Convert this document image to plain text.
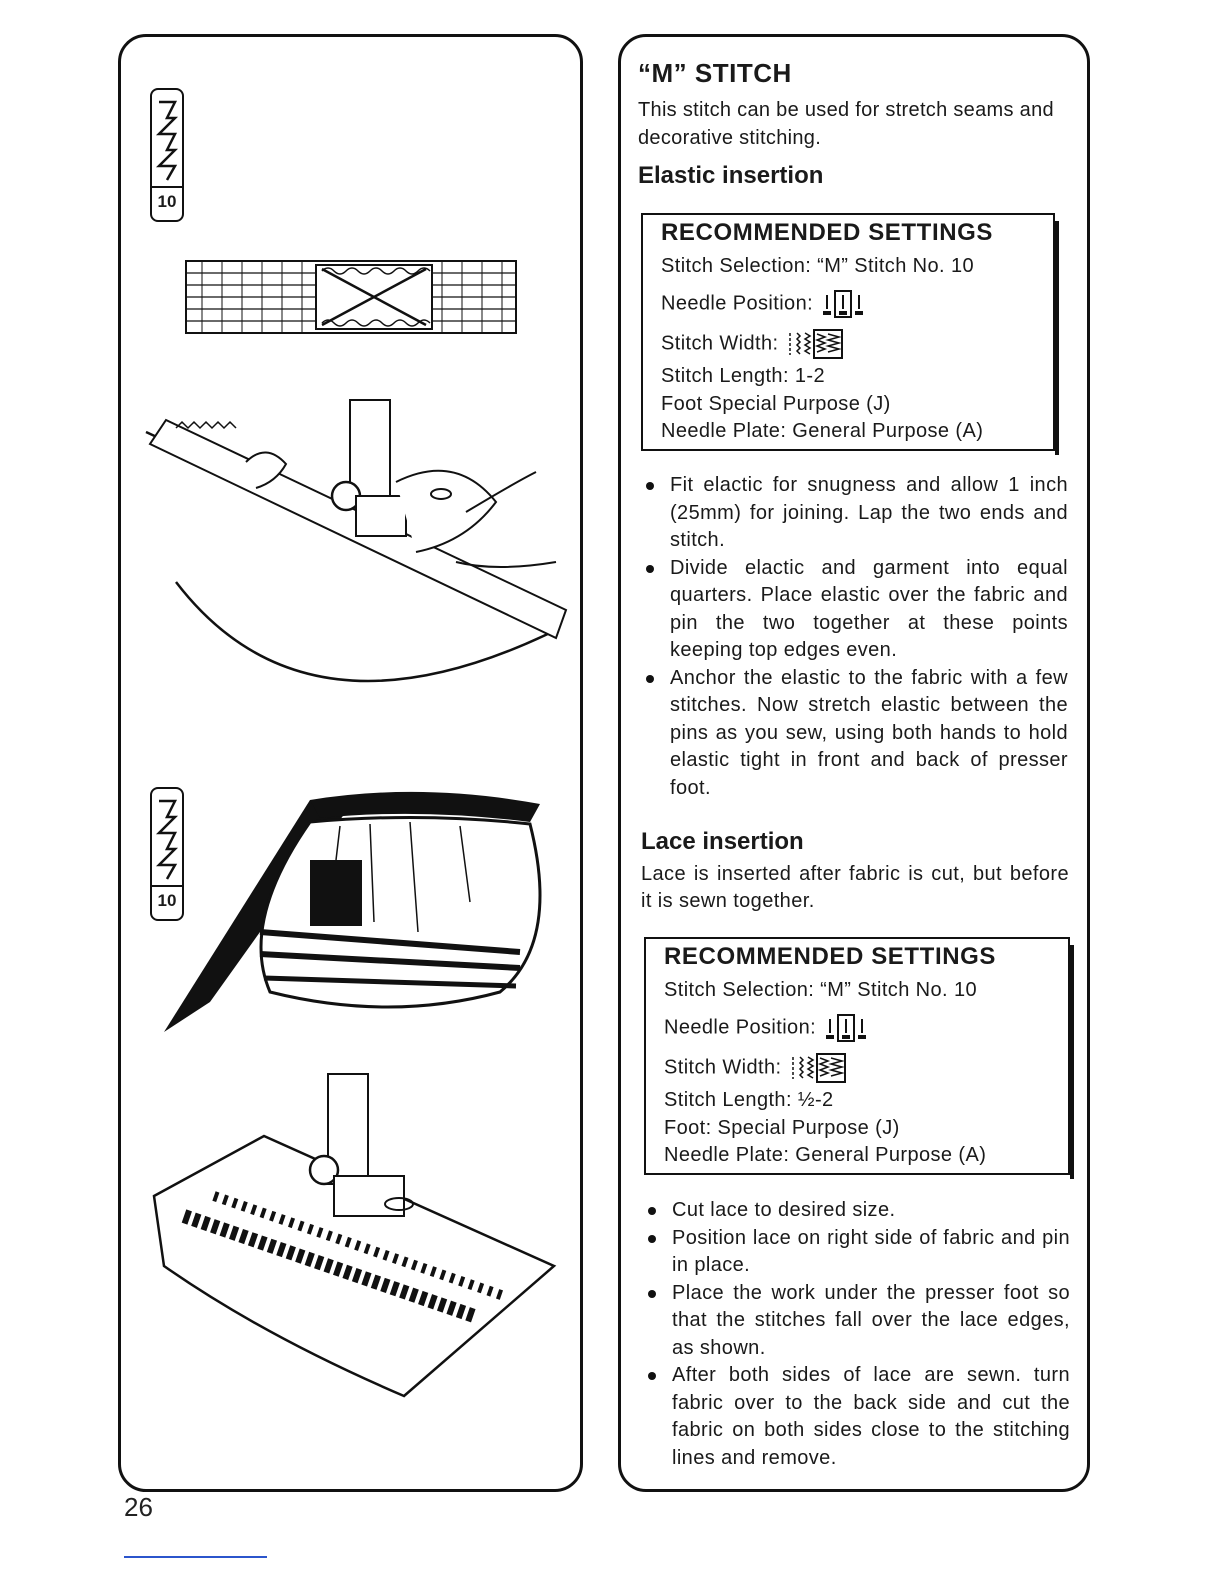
10
10
“M” STITCH
This stitch can be used for stretch seams and decorative stitching.
Elastic insertion
RECOMMENDED SETTINGS
Stitch Selection: “M” Stitch No. 10
Needle Position:
Stitch Width:
Stitch Length: 1-2
Foot Special Purpose (J)
Needle Plate: General Purpose (A)
Fit elactic for snugness and allow 1 inch (25mm) for joining. Lap the two ends and stitch.
Divide elactic and garment into equal quarters. Place elastic over the fabric and pin the two together at these points keeping top edges even.
Anchor the elastic to the fabric with a few stitches. Now stretch elastic between the pins as you sew, using both hands to hold elastic tight in front and back of presser foot.
Lace insertion
Lace is inserted after fabric is cut, but before it is sewn together.
RECOMMENDED SETTINGS
Stitch Selection: “M” Stitch No. 10
Needle Position:
Stitch Width:
Stitch Length: ½-2
Foot: Special Purpose (J)
Needle Plate: General Purpose (A)
Cut lace to desired size.
Position lace on right side of fabric and pin in place.
Place the work under the presser foot so that the stitches fall over the lace edges, as shown.
After both sides of lace are sewn. turn fabric over to the back side and cut the fabric on both sides close to the stitching lines and remove.
26
